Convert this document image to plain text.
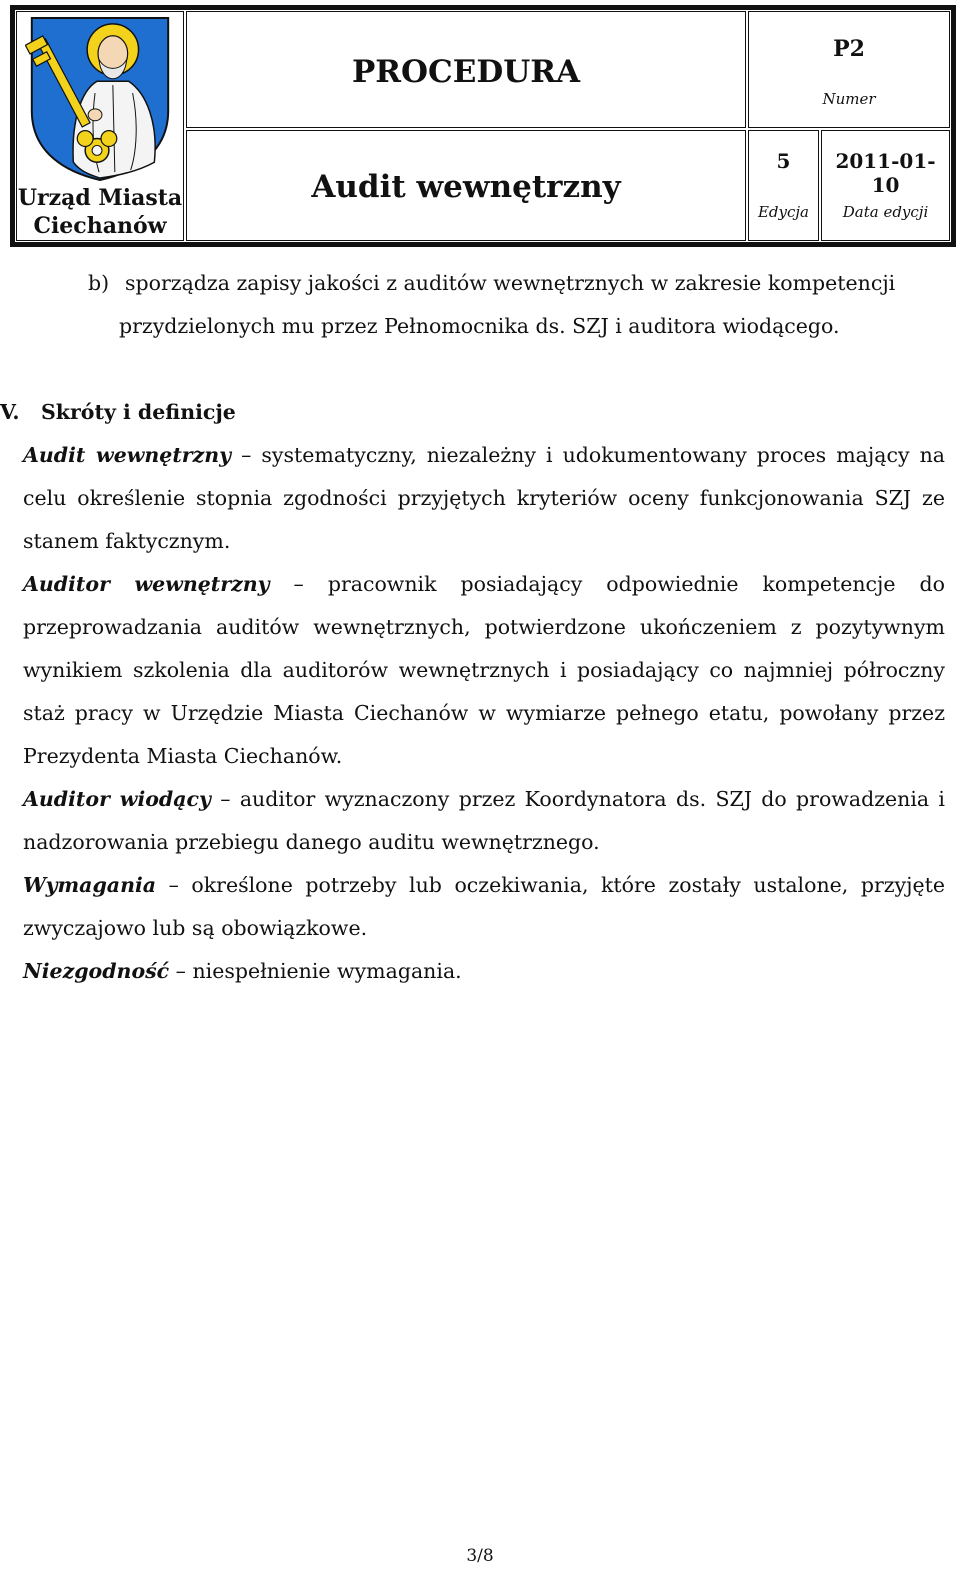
Urząd Miasta
Ciechanów
PROCEDURA
P2
Numer
Audit wewnętrzny
5
Edycja
2011-01-10
Data edycji
b) sporządza zapisy jakości z auditów wewnętrznych w zakresie kompetencji przydzielonych mu przez Pełnomocnika ds. SZJ i auditora wiodącego.
V. Skróty i definicje

Audit wewnętrzny – systematyczny, niezależny i udokumentowany proces mający na celu określenie stopnia zgodności przyjętych kryteriów oceny funkcjonowania SZJ ze stanem faktycznym.

Auditor wewnętrzny – pracownik posiadający odpowiednie kompetencje do przeprowadzania auditów wewnętrznych, potwierdzone ukończeniem z pozytywnym wynikiem szkolenia dla auditorów wewnętrznych i posiadający co najmniej półroczny staż pracy w Urzędzie Miasta Ciechanów w wymiarze pełnego etatu, powołany przez Prezydenta Miasta Ciechanów.

Auditor wiodący – auditor wyznaczony przez Koordynatora ds. SZJ do prowadzenia i nadzorowania przebiegu danego auditu wewnętrznego.

Wymagania – określone potrzeby lub oczekiwania, które zostały ustalone, przyjęte zwyczajowo lub są obowiązkowe.

Niezgodność – niespełnienie wymagania.

3/8
